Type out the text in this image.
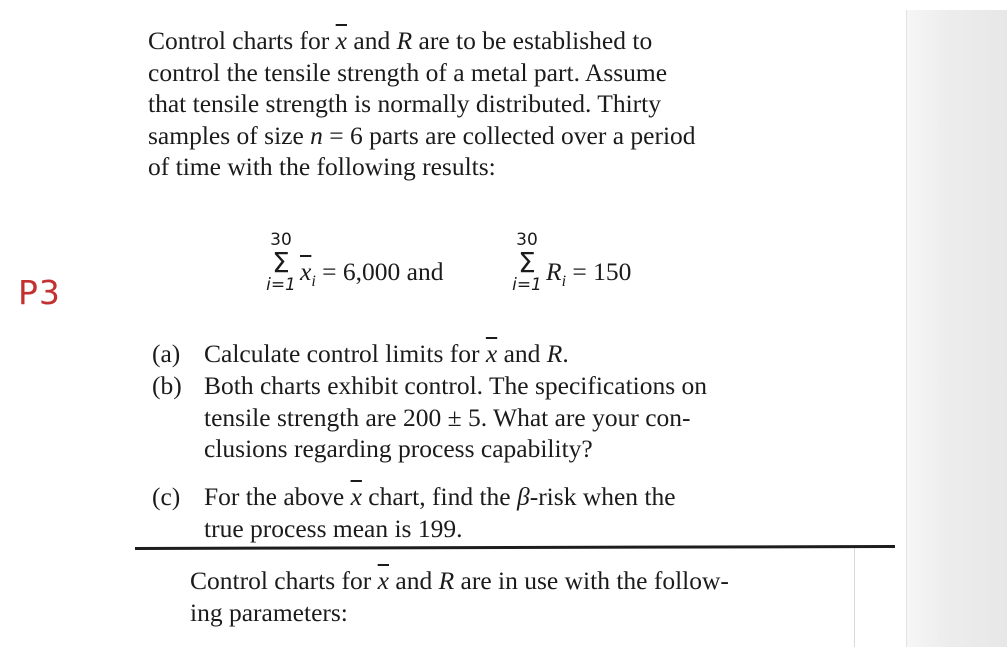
P3
Control charts for $\overline{x}$ and R are to be established to
control the tensile strength of a metal part. Assume
that tensile strength is normally distributed. Thirty
samples of size n = 6 parts are collected over a period
of time with the following results:
30
Σ
i=1 $\overline{x}_i = 6,000$ and
30
Σ
i=1 $R_i = 150$
(a) Calculate control limits for $\overline{x}$ and R.
(b) Both charts exhibit control. The specifications on
tensile strength are 200 ± 5. What are your con-
clusions regarding process capability?
(c) For the above $\overline{x}$ chart, find the β-risk when the
true process mean is 199.
Control charts for $\overline{x}$ and R are in use with the follow-
ing parameters:
